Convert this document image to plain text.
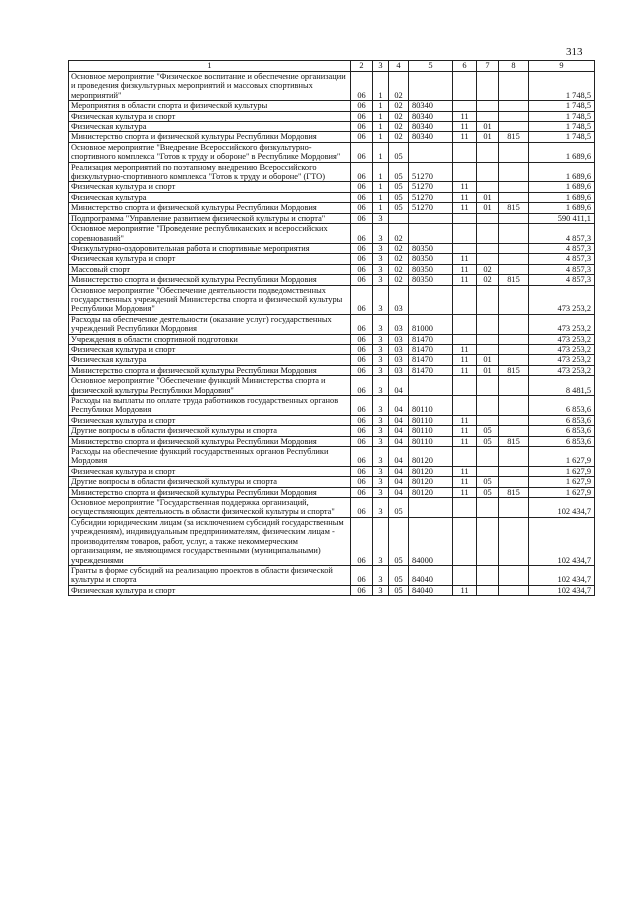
313
1	2	3	4	5	6	7	8	9
Основное мероприятие "Физическое воспитание и обеспечение организации и проведения физкультурных мероприятий и массовых спортивных мероприятий"	06	1	02					1 748,5
Мероприятия в области спорта и физической культуры	06	1	02	80340				1 748,5
Физическая культура и спорт	06	1	02	80340	11			1 748,5
Физическая культура	06	1	02	80340	11	01		1 748,5
Министерство спорта и физической культуры Республики Мордовия	06	1	02	80340	11	01	815	1 748,5
Основное мероприятие "Внедрение Всероссийского физкультурно-спортивного комплекса "Готов к труду и обороне" в Республике Мордовия"	06	1	05					1 689,6
Реализация мероприятий по поэтапному внедрению Всероссийского физкультурно-спортивного комплекса "Готов к труду и обороне" (ГТО)	06	1	05	51270				1 689,6
Физическая культура и спорт	06	1	05	51270	11			1 689,6
Физическая культура	06	1	05	51270	11	01		1 689,6
Министерство спорта и физической культуры Республики Мордовия	06	1	05	51270	11	01	815	1 689,6
Подпрограмма "Управление развитием физической культуры и спорта"	06	3						590 411,1
Основное мероприятие "Проведение республиканских и всероссийских соревнований"	06	3	02					4 857,3
Физкультурно-оздоровительная работа и спортивные мероприятия	06	3	02	80350				4 857,3
Физическая культура и спорт	06	3	02	80350	11			4 857,3
Массовый спорт	06	3	02	80350	11	02		4 857,3
Министерство спорта и физической культуры Республики Мордовия	06	3	02	80350	11	02	815	4 857,3
Основное мероприятие "Обеспечение деятельности подведомственных государственных учреждений Министерства спорта и физической культуры Республики Мордовия"	06	3	03					473 253,2
Расходы на обеспечение деятельности (оказание услуг) государственных учреждений Республики Мордовия	06	3	03	81000				473 253,2
Учреждения в области спортивной подготовки	06	3	03	81470				473 253,2
Физическая культура и спорт	06	3	03	81470	11			473 253,2
Физическая культура	06	3	03	81470	11	01		473 253,2
Министерство спорта и физической культуры Республики Мордовия	06	3	03	81470	11	01	815	473 253,2
Основное мероприятие "Обеспечение функций Министерства спорта и физической культуры Республики Мордовия"	06	3	04					8 481,5
Расходы на выплаты по оплате труда работников государственных органов Республики Мордовия	06	3	04	80110				6 853,6
Физическая культура и спорт	06	3	04	80110	11			6 853,6
Другие вопросы в области физической культуры и спорта	06	3	04	80110	11	05		6 853,6
Министерство спорта и физической культуры Республики Мордовия	06	3	04	80110	11	05	815	6 853,6
Расходы на обеспечение функций государственных органов Республики Мордовия	06	3	04	80120				1 627,9
Физическая культура и спорт	06	3	04	80120	11			1 627,9
Другие вопросы в области физической культуры и спорта	06	3	04	80120	11	05		1 627,9
Министерство спорта и физической культуры Республики Мордовия	06	3	04	80120	11	05	815	1 627,9
Основное мероприятие "Государственная поддержка организаций, осуществляющих деятельность в области физической культуры и спорта"	06	3	05					102 434,7
Субсидии юридическим лицам (за исключением субсидий государственным учреждениям), индивидуальным предпринимателям, физическим лицам - производителям товаров, работ, услуг, а также некоммерческим организациям, не являющимся государственными (муниципальными) учреждениями	06	3	05	84000				102 434,7
Гранты в форме субсидий на реализацию проектов в области физической культуры и спорта	06	3	05	84040				102 434,7
Физическая культура и спорт	06	3	05	84040	11			102 434,7
